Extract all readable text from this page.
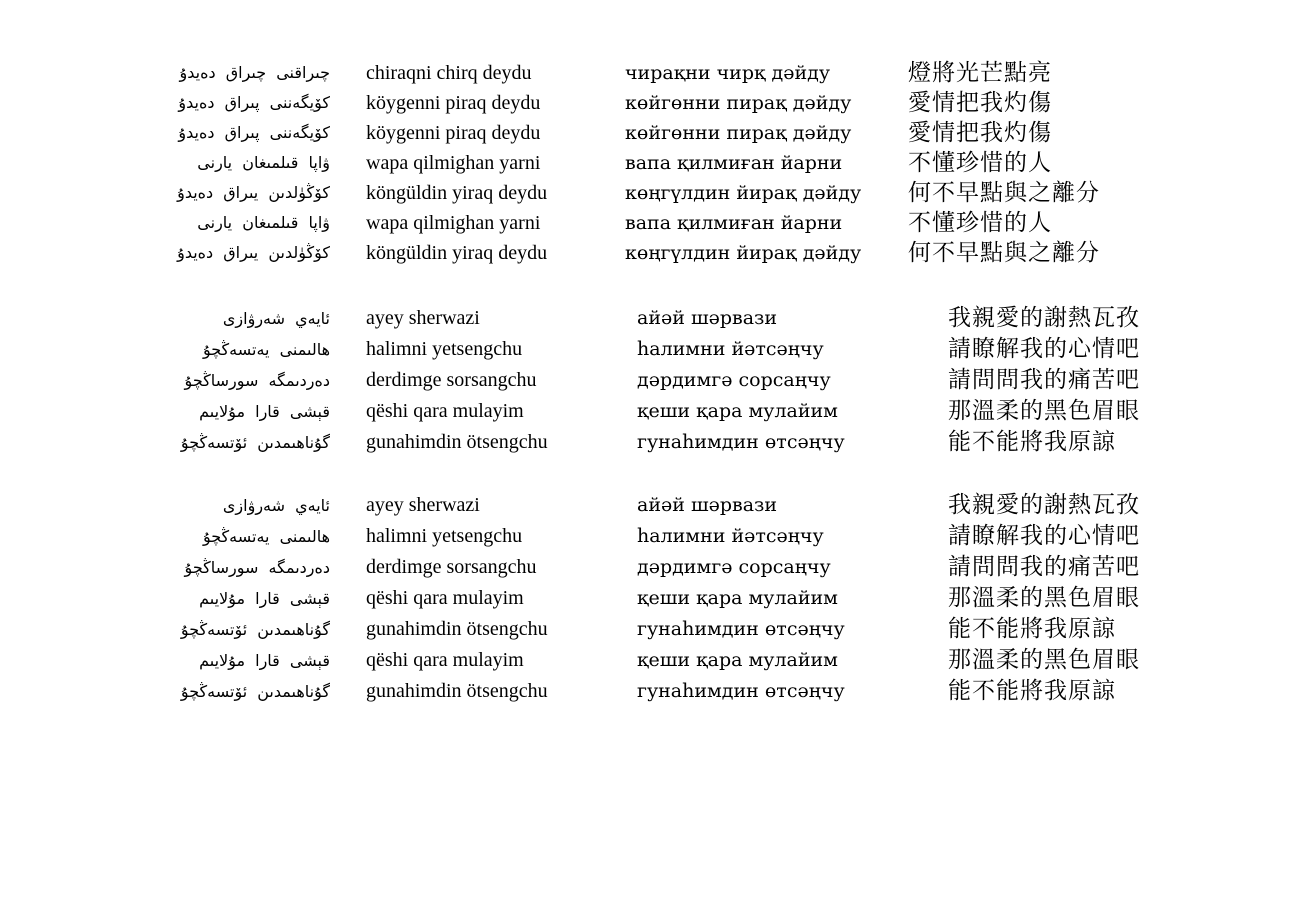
چىراقنى چىراق دەيدۇ
كۆيگەننى پىراق دەيدۇ
كۆيگەننى پىراق دەيدۇ
ۋاپا قىلمىغان يارنى
كۆڭۈلدىن يىراق دەيدۇ
ۋاپا قىلمىغان يارنى
كۆڭۈلدىن يىراق دەيدۇ
chiraqni chirq deydu
köygenni piraq deydu
köygenni piraq deydu
wapa qilmighan yarni
köngüldin yiraq deydu
wapa qilmighan yarni
köngüldin yiraq deydu
чирақни чирқ дәйду
көйгөнни пирақ дәйду
көйгөнни пирақ дәйду
вапа қилмиған йарни
көңгүлдин йирақ дәйду
вапа қилмиған йарни
көңгүлдин йирақ дәйду
燈將光芒點亮
愛情把我灼傷
愛情把我灼傷
不懂珍惜的人
何不早點與之離分
不懂珍惜的人
何不早點與之離分
ئايەي شەرۋازى
ھالىمنى يەتسەڭچۇ
دەردىمگە سورساڭچۇ
قېشى قارا مۇلايىم
گۇناھىمدىن ئۆتسەڭچۇ
ayey sherwazi
halimni yetsengchu
derdimge sorsangchu
qëshi qara mulayim
gunahimdin ötsengchu
айәй шәрвази
һалимни йәтсәңчу
дәрдимгә сорсаңчу
қеши қара мулайим
гунаһимдин өтсәңчу
我親愛的謝熱瓦孜
請瞭解我的心情吧
請問問我的痛苦吧
那溫柔的黑色眉眼
能不能將我原諒
ئايەي شەرۋازى
ھالىمنى يەتسەڭچۇ
دەردىمگە سورساڭچۇ
قېشى قارا مۇلايىم
گۇناھىمدىن ئۆتسەڭچۇ
قېشى قارا مۇلايىم
گۇناھىمدىن ئۆتسەڭچۇ
ayey sherwazi
halimni yetsengchu
derdimge sorsangchu
qëshi qara mulayim
gunahimdin ötsengchu
qëshi qara mulayim
gunahimdin ötsengchu
айәй шәрвази
һалимни йәтсәңчу
дәрдимгә сорсаңчу
қеши қара мулайим
гунаһимдин өтсәңчу
қеши қара мулайим
гунаһимдин өтсәңчу
我親愛的謝熱瓦孜
請瞭解我的心情吧
請問問我的痛苦吧
那溫柔的黑色眉眼
能不能將我原諒
那溫柔的黑色眉眼
能不能將我原諒
